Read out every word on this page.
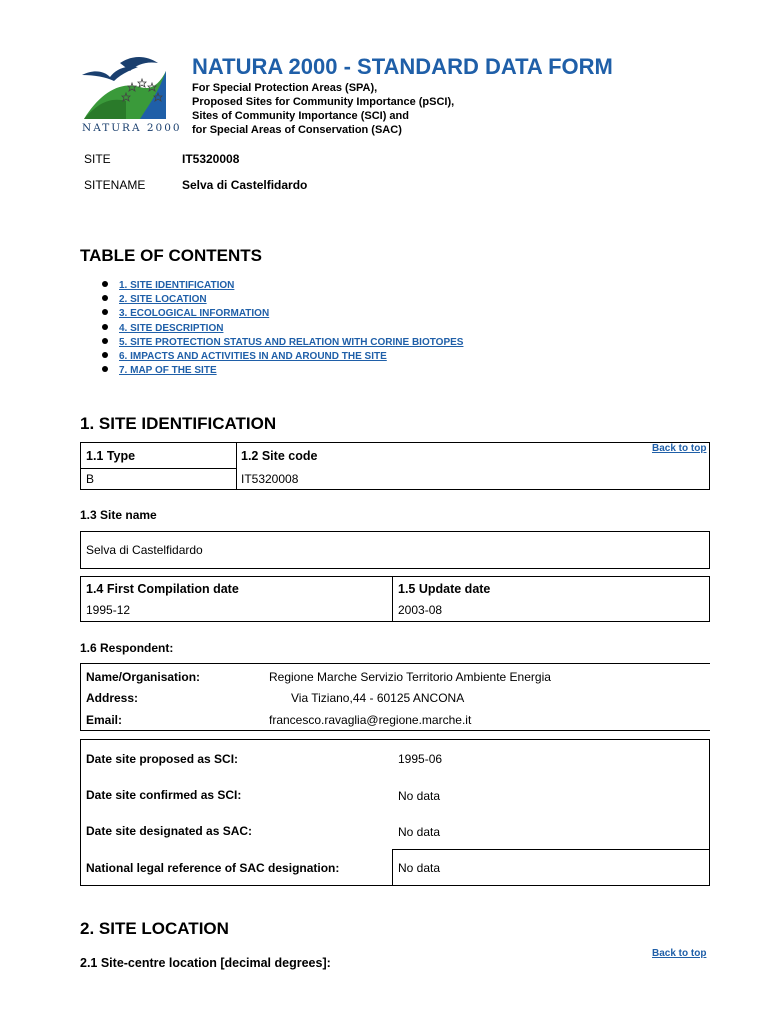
NATURA 2000
NATURA 2000 - STANDARD DATA FORM
For Special Protection Areas (SPA),
Proposed Sites for Community Importance (pSCI),
Sites of Community Importance (SCI) and
for Special Areas of Conservation (SAC)
SITE	IT5320008
SITENAME	Selva di Castelfidardo
TABLE OF CONTENTS
1. SITE IDENTIFICATION
2. SITE LOCATION
3. ECOLOGICAL INFORMATION
4. SITE DESCRIPTION
5. SITE PROTECTION STATUS AND RELATION WITH CORINE BIOTOPES
6. IMPACTS AND ACTIVITIES IN AND AROUND THE SITE
7. MAP OF THE SITE
1. SITE IDENTIFICATION
1.1 Type	1.2 Site code
Back to top
B	IT5320008
1.3 Site name
Selva di Castelfidardo
1.4 First Compilation date	1.5 Update date
1995-12	2003-08
1.6 Respondent:
Name/Organisation:	Regione Marche Servizio Territorio Ambiente Energia
Address:	Via Tiziano,44 - 60125 ANCONA
Email:	francesco.ravaglia@regione.marche.it
Date site proposed as SCI:	1995-06
Date site confirmed as SCI:	No data
Date site designated as SAC:	No data
National legal reference of SAC designation:	No data
2. SITE LOCATION
Back to top
2.1 Site-centre location [decimal degrees]:
